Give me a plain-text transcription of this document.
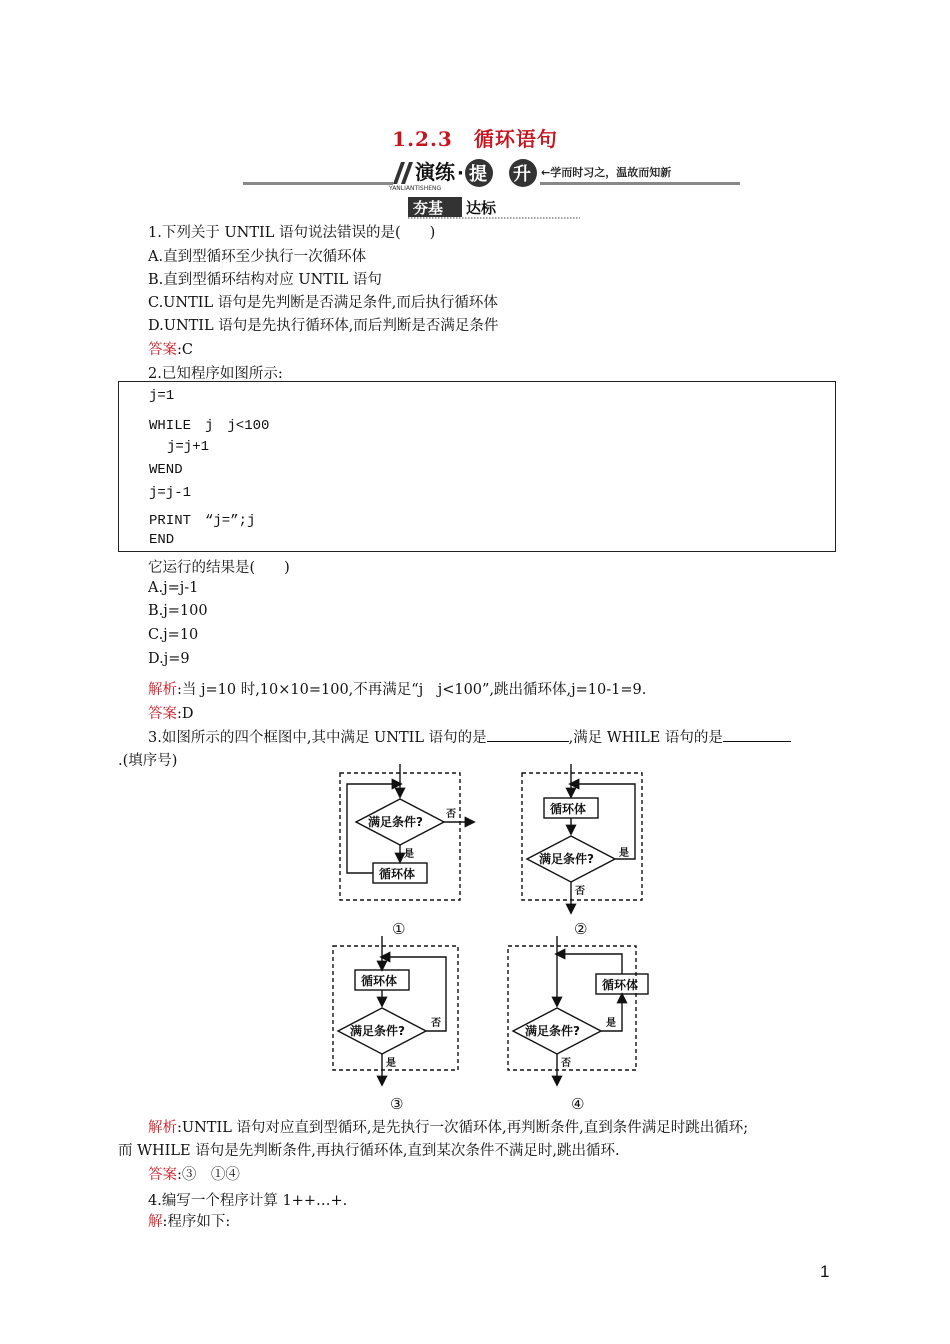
1.2.3　循环语句
演练 · 提 升
YANLIANTISHENG
←学而时习之，温故而知新
夯基 达标
1.下列关于 UNTIL 语句说法错误的是(　　)
A.直到型循环至少执行一次循环体
B.直到型循环结构对应 UNTIL 语句
C.UNTIL 语句是先判断是否满足条件,而后执行循环体
D.UNTIL 语句是先执行循环体,而后判断是否满足条件
答案:C
2.已知程序如图所示:
j=1
WHILE　j　j<100
j=j+1
WEND
j=j-1
PRINT　“j=”;j
END
它运行的结果是(　　)
A.j=j-1
B.j=100
C.j=10
D.j=9
解析:当 j=10 时,10×10=100,不再满足“j　j<100”,跳出循环体,j=10-1=9.
答案:D
3.如图所示的四个框图中,其中满足 UNTIL 语句的是	,满足 WHILE 语句的是
.(填序号)
满足条件?
否
是
循环体
循环体
满足条件?	是
否
循环体
满足条件?
否
是
循环体
满足条件?
是
否
①	②
③	④
解析:UNTIL 语句对应直到型循环,是先执行一次循环体,再判断条件,直到条件满足时跳出循环;
而 WHILE 语句是先判断条件,再执行循环体,直到某次条件不满足时,跳出循环.
答案:③　①④
4.编写一个程序计算 1++…+.
解:程序如下:
1
